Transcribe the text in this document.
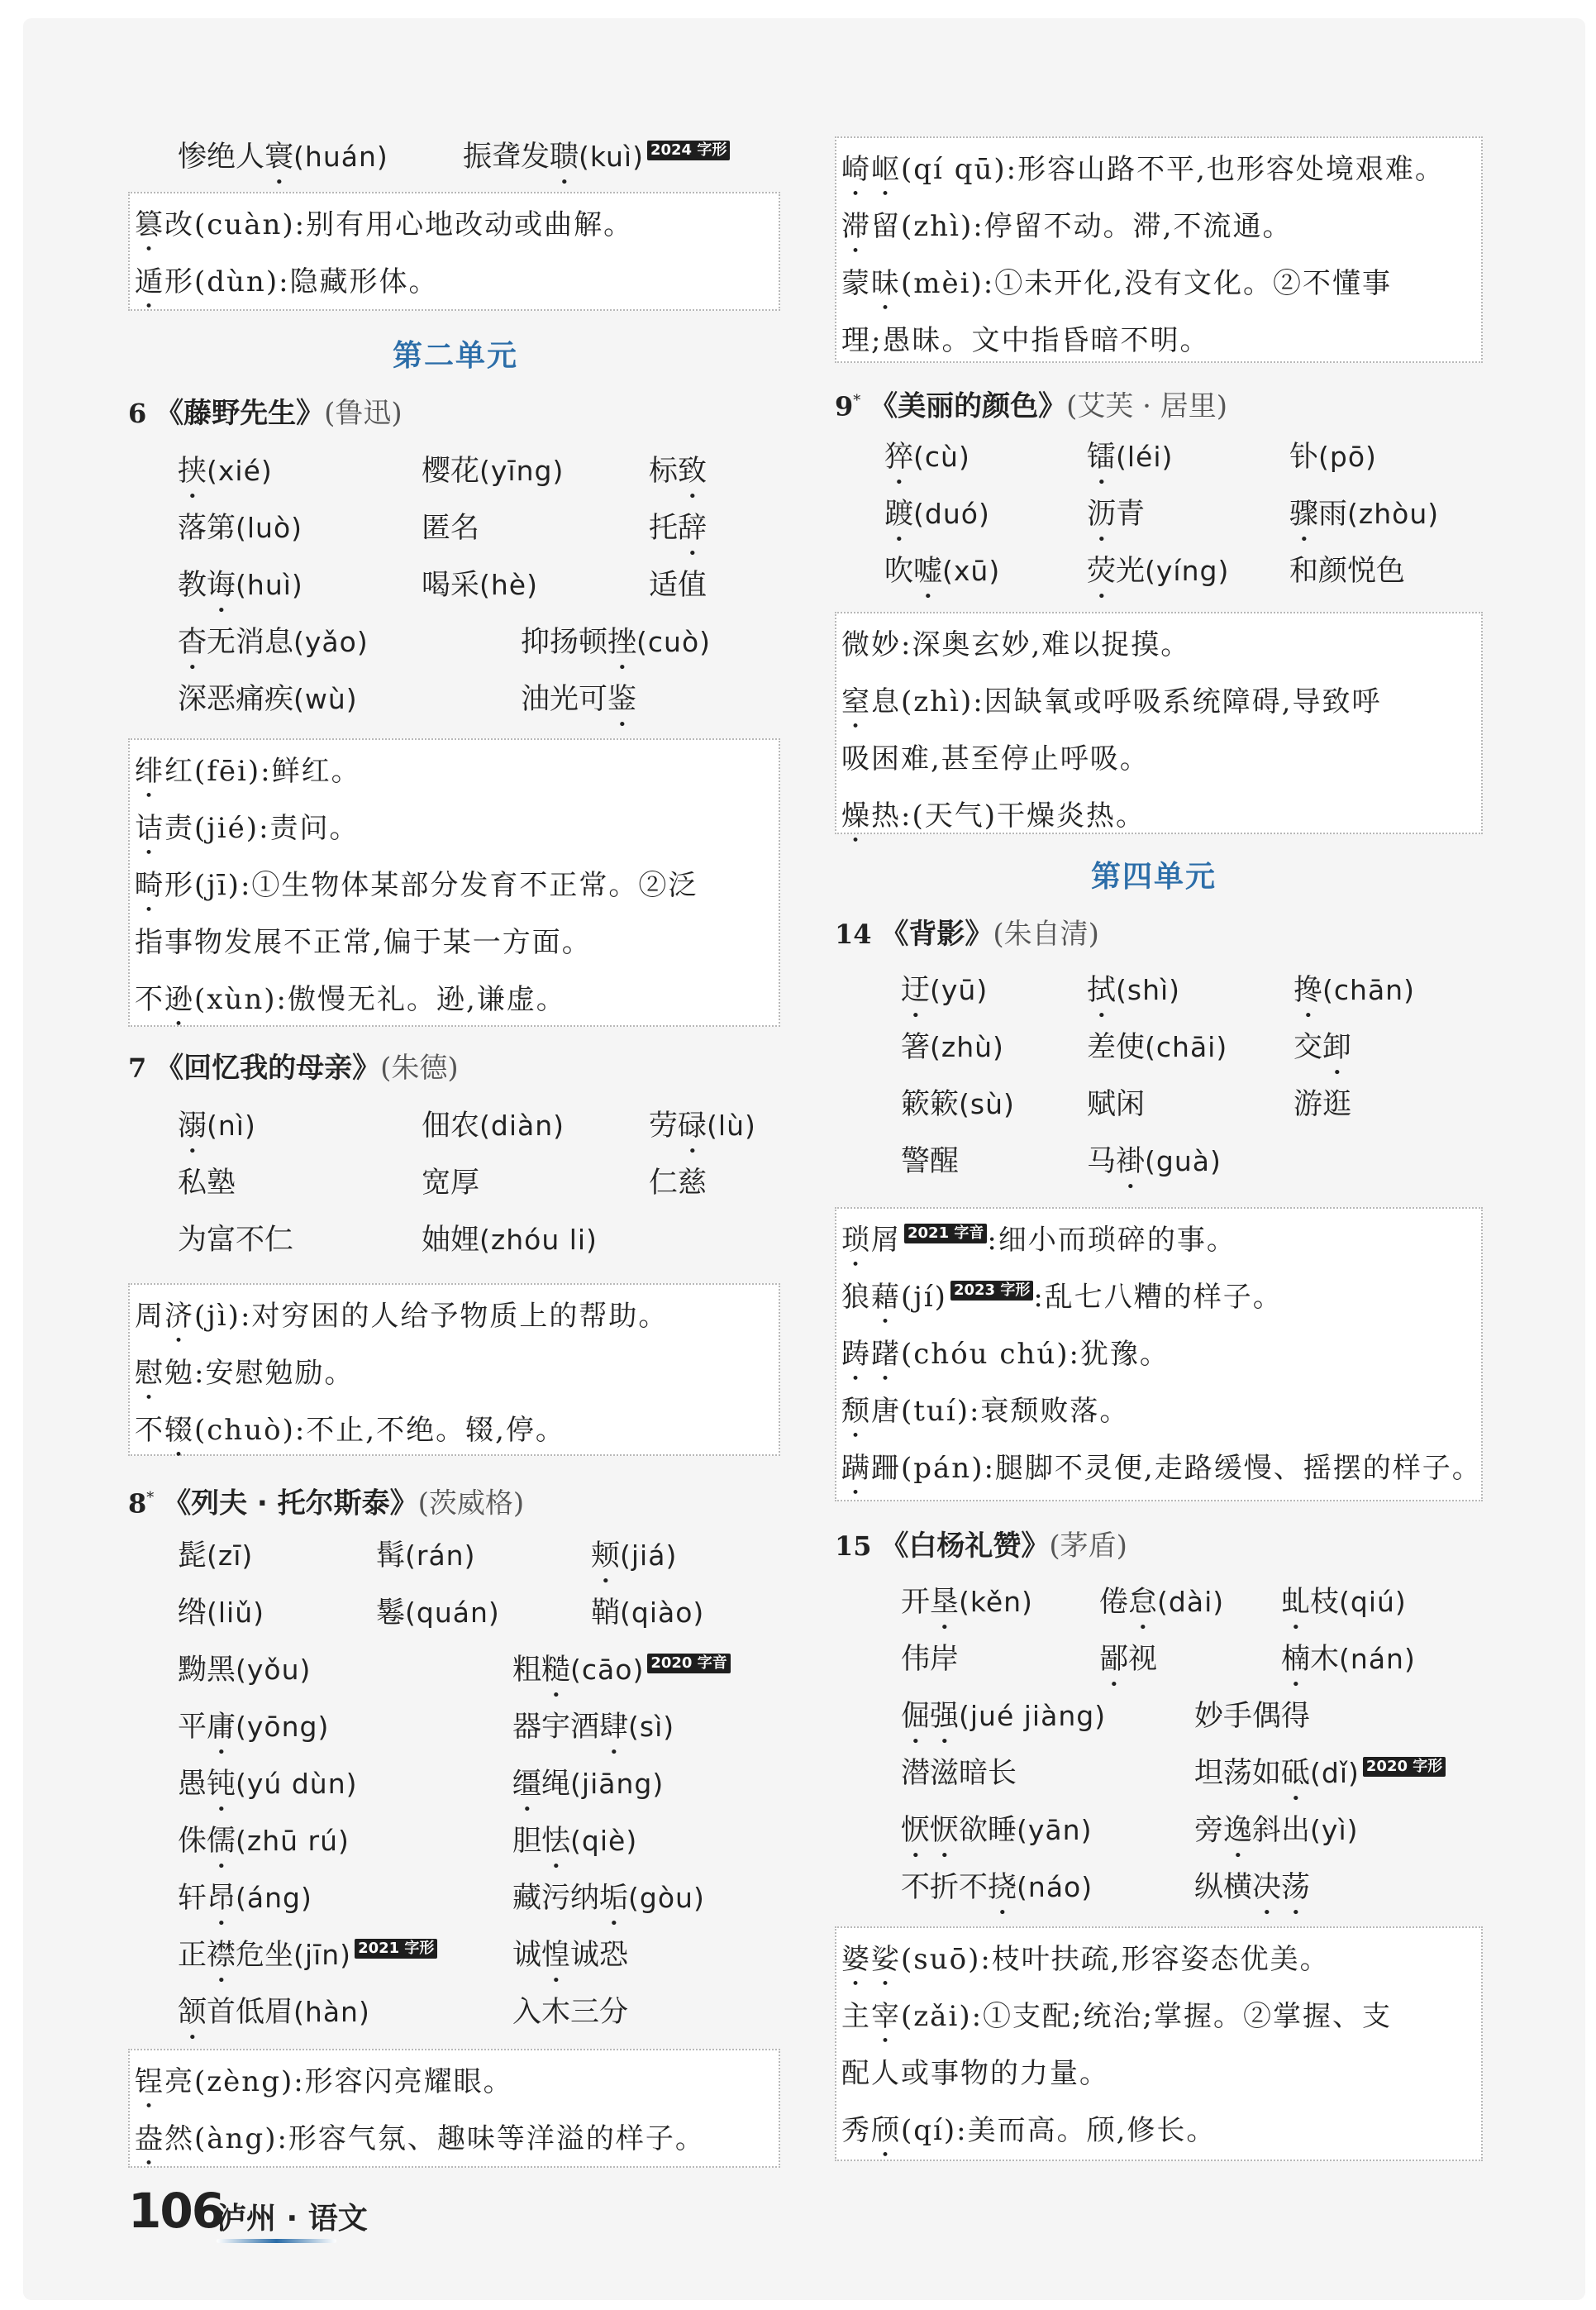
惨绝人寰(huán)	振聋发聩(kuì) 2024 字形
篡改(cuàn):别有用心地改动或曲解。
遁形(dùn):隐藏形体。
第二单元
6 《藤野先生》(鲁迅)
挟(xié)	樱花(yīng)	标致
落第(luò)	匿名	托辞
教诲(huì)	喝采(hè)	适值
杳无消息(yǎo)	抑扬顿挫(cuò)
深恶痛疾(wù)	油光可鉴
绯红(fēi):鲜红。
诘责(jié):责问。
畸形(jī):①生物体某部分发育不正常。②泛
指事物发展不正常,偏于某一方面。
不逊(xùn):傲慢无礼。逊,谦虚。
7 《回忆我的母亲》(朱德)
溺(nì)	佃农(diàn)	劳碌(lù)
私塾	宽厚	仁慈
为富不仁	妯娌(zhóu li)
周济(jì):对穷困的人给予物质上的帮助。
慰勉:安慰勉励。
不辍(chuò):不止,不绝。辍,停。
8* 《列夫 · 托尔斯泰》(茨威格)
髭(zī)	髯(rán)	颊(jiá)
绺(liǔ)	鬈(quán)	鞘(qiào)
黝黑(yǒu)	粗糙(cāo) 2020 字音
平庸(yōng)	器宇酒肆(sì)
愚钝(yú dùn)	缰绳(jiāng)
侏儒(zhū rú)	胆怯(qiè)
轩昂(áng)	藏污纳垢(gòu)
正襟危坐(jīn) 2021 字形	诚惶诚恐
颔首低眉(hàn)	入木三分
锃亮(zèng):形容闪亮耀眼。
盎然(àng):形容气氛、趣味等洋溢的样子。
崎岖(qí qū):形容山路不平,也形容处境艰难。
滞留(zhì):停留不动。滞,不流通。
蒙昧(mèi):①未开化,没有文化。②不懂事
理;愚昧。文中指昏暗不明。
9* 《美丽的颜色》(艾芙 · 居里)
猝(cù)	镭(léi)	钋(pō)
踱(duó)	沥青	骤雨(zhòu)
吹嘘(xū)	荧光(yíng) 和颜悦色
微妙:深奥玄妙,难以捉摸。
窒息(zhì):因缺氧或呼吸系统障碍,导致呼
吸困难,甚至停止呼吸。
燥热:(天气)干燥炎热。
第四单元
14 《背影》(朱自清)
迂(yū)	拭(shì)	搀(chān)
箸(zhù)	差使(chāi) 交卸
簌簌(sù) 赋闲	游逛
警醒	马褂(guà)
琐屑 2021 字音 :细小而琐碎的事。
狼藉(jí) 2023 字形 :乱七八糟的样子。
踌躇(chóu chú):犹豫。
颓唐(tuí):衰颓败落。
蹒跚(pán):腿脚不灵便,走路缓慢、摇摆的样子。
15 《白杨礼赞》(茅盾)
开垦(kěn) 倦怠(dài) 虬枝(qiú)
伟岸	鄙视	楠木(nán)
倔强(jué jiàng)	妙手偶得
潜滋暗长	坦荡如砥(dǐ) 2020 字形
恹恹欲睡(yān)	旁逸斜出(yì)
不折不挠(náo)	纵横决荡
婆娑(suō):枝叶扶疏,形容姿态优美。
主宰(zǎi):①支配;统治;掌握。②掌握、支
配人或事物的力量。
秀颀(qí):美而高。颀,修长。
106
泸州 · 语文
